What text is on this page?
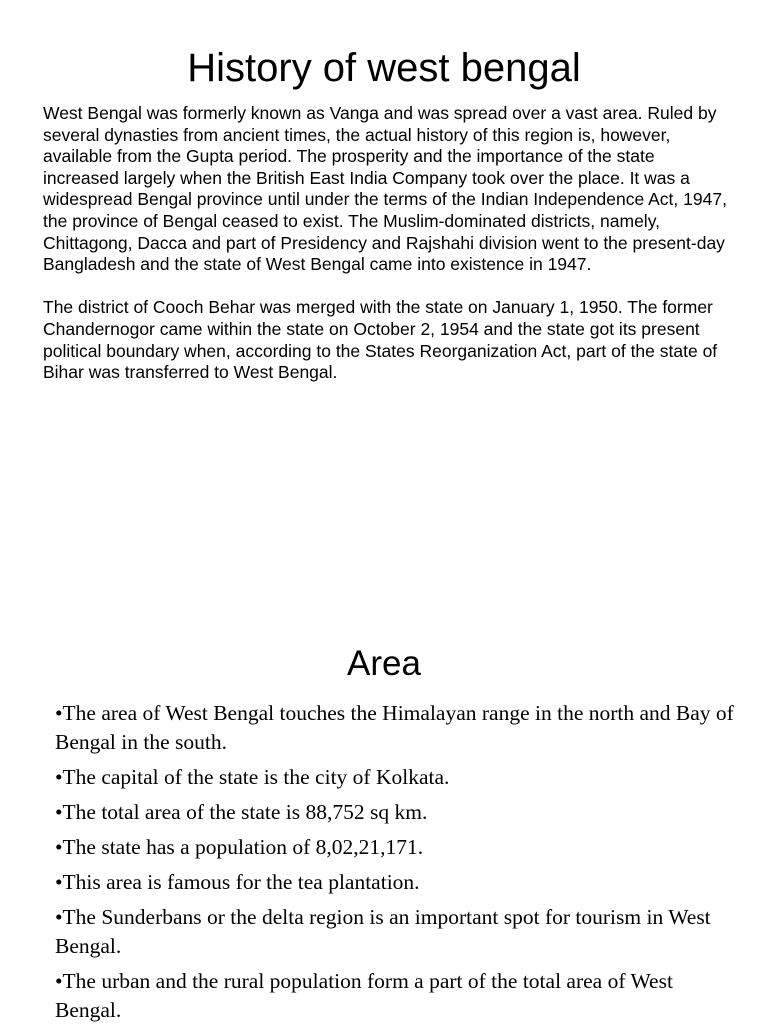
History of west bengal

West Bengal was formerly known as Vanga and was spread over a vast area. Ruled by several dynasties from ancient times, the actual history of this region is, however, available from the Gupta period. The prosperity and the importance of the state increased largely when the British East India Company took over the place. It was a widespread Bengal province until under the terms of the Indian Independence Act, 1947, the province of Bengal ceased to exist. The Muslim-dominated districts, namely, Chittagong, Dacca and part of Presidency and Rajshahi division went to the present-day Bangladesh and the state of West Bengal came into existence in 1947.

The district of Cooch Behar was merged with the state on January 1, 1950. The former Chandernogor came within the state on October 2, 1954 and the state got its present political boundary when, according to the States Reorganization Act, part of the state of Bihar was transferred to West Bengal.

Area
•The area of West Bengal touches the Himalayan range in the north and Bay of Bengal in the south.
•The capital of the state is the city of Kolkata.
•The total area of the state is 88,752 sq km.
•The state has a population of 8,02,21,171.
•This area is famous for the tea plantation.
•The Sunderbans or the delta region is an important spot for tourism in West Bengal.
•The urban and the rural population form a part of the total area of West Bengal.
